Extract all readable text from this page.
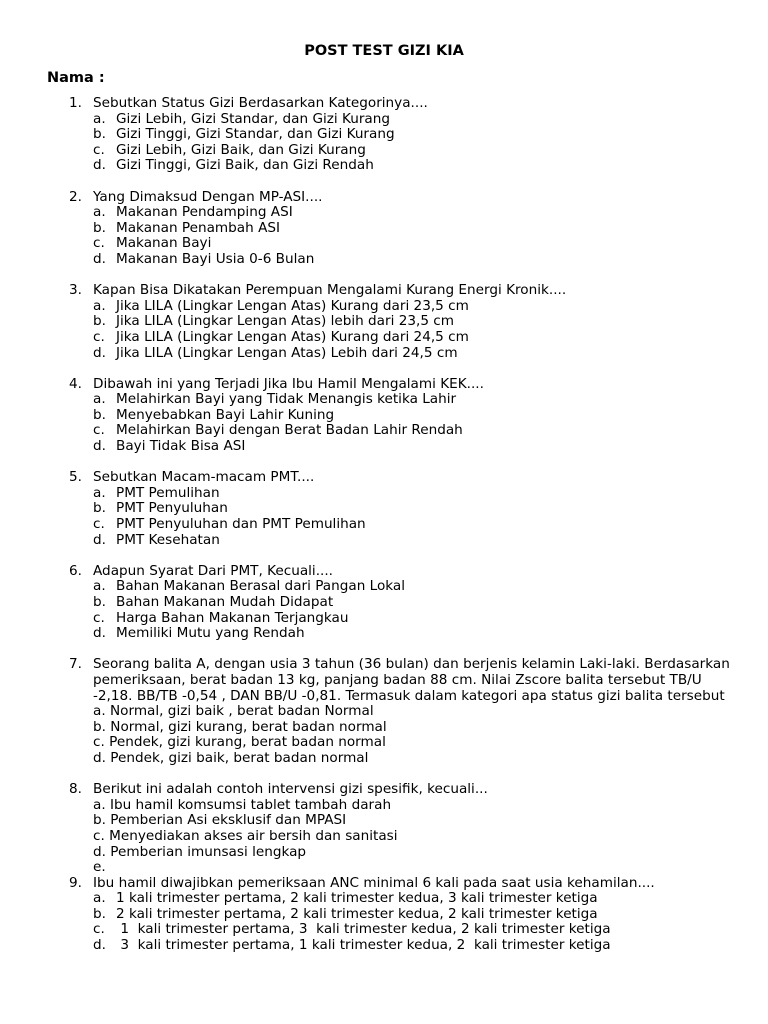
POST TEST GIZI KIA
Nama :
1. Sebutkan Status Gizi Berdasarkan Kategorinya....
a. Gizi Lebih, Gizi Standar, dan Gizi Kurang
b. Gizi Tinggi, Gizi Standar, dan Gizi Kurang
c. Gizi Lebih, Gizi Baik, dan Gizi Kurang
d. Gizi Tinggi, Gizi Baik, dan Gizi Rendah
2. Yang Dimaksud Dengan MP-ASI....
a. Makanan Pendamping ASI
b. Makanan Penambah ASI
c. Makanan Bayi
d. Makanan Bayi Usia 0-6 Bulan
3. Kapan Bisa Dikatakan Perempuan Mengalami Kurang Energi Kronik....
a. Jika LILA (Lingkar Lengan Atas) Kurang dari 23,5 cm
b. Jika LILA (Lingkar Lengan Atas) lebih dari 23,5 cm
c. Jika LILA (Lingkar Lengan Atas) Kurang dari 24,5 cm
d. Jika LILA (Lingkar Lengan Atas) Lebih dari 24,5 cm
4. Dibawah ini yang Terjadi Jika Ibu Hamil Mengalami KEK....
a. Melahirkan Bayi yang Tidak Menangis ketika Lahir
b. Menyebabkan Bayi Lahir Kuning
c. Melahirkan Bayi dengan Berat Badan Lahir Rendah
d. Bayi Tidak Bisa ASI
5. Sebutkan Macam-macam PMT....
a. PMT Pemulihan
b. PMT Penyuluhan
c. PMT Penyuluhan dan PMT Pemulihan
d. PMT Kesehatan
6. Adapun Syarat Dari PMT, Kecuali....
a. Bahan Makanan Berasal dari Pangan Lokal
b. Bahan Makanan Mudah Didapat
c. Harga Bahan Makanan Terjangkau
d. Memiliki Mutu yang Rendah
7. Seorang balita A, dengan usia 3 tahun (36 bulan) dan berjenis kelamin Laki-laki. Berdasarkan pemeriksaan, berat badan 13 kg, panjang badan 88 cm. Nilai Zscore balita tersebut TB/U -2,18. BB/TB -0,54 , DAN BB/U -0,81. Termasuk dalam kategori apa status gizi balita tersebut
a. Normal, gizi baik , berat badan Normal
b. Normal, gizi kurang, berat badan normal
c. Pendek, gizi kurang, berat badan normal
d. Pendek, gizi baik, berat badan normal
8. Berikut ini adalah contoh intervensi gizi spesifik, kecuali...
a. Ibu hamil komsumsi tablet tambah darah
b. Pemberian Asi eksklusif dan MPASI
c. Menyediakan akses air bersih dan sanitasi
d. Pemberian imunsasi lengkap
e.
9. Ibu hamil diwajibkan pemeriksaan ANC minimal 6 kali pada saat usia kehamilan....
a. 1 kali trimester pertama, 2 kali trimester kedua, 3 kali trimester ketiga
b. 2 kali trimester pertama, 2 kali trimester kedua, 2 kali trimester ketiga
c. 1  kali trimester pertama, 3  kali trimester kedua, 2 kali trimester ketiga
d. 3  kali trimester pertama, 1 kali trimester kedua, 2  kali trimester ketiga
